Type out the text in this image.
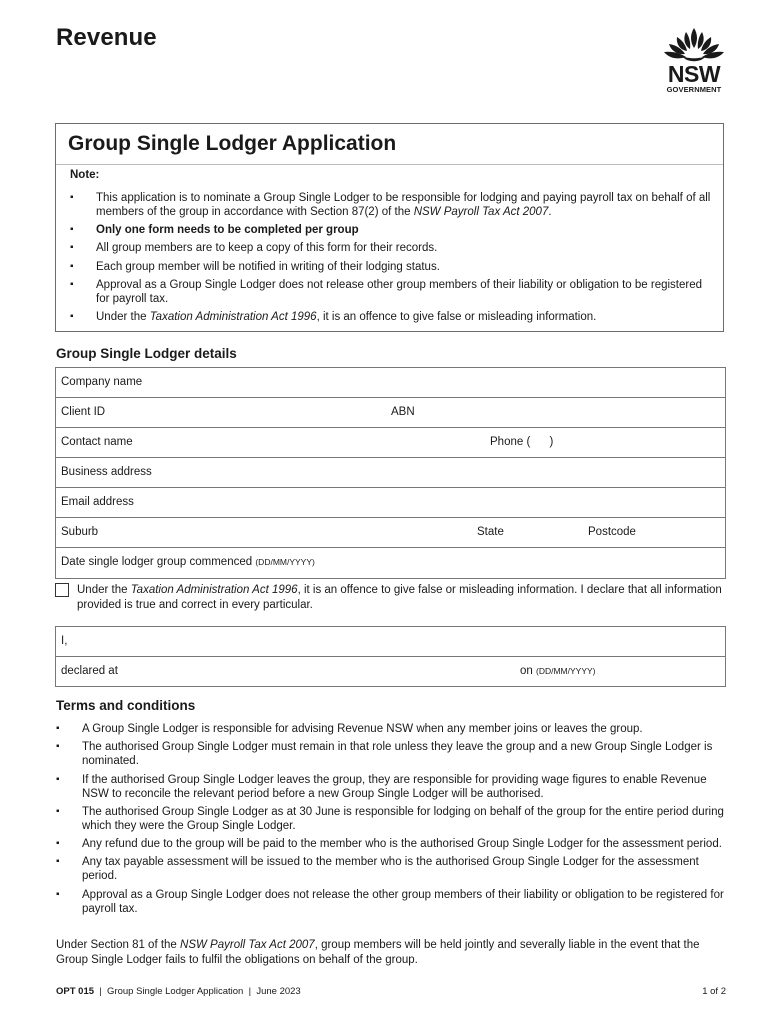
Revenue
NSW
GOVERNMENT
Group Single Lodger Application
Note:
▪ This application is to nominate a Group Single Lodger to be responsible for lodging and paying payroll tax on behalf of all members of the group in accordance with Section 87(2) of the NSW Payroll Tax Act 2007.
▪ Only one form needs to be completed per group
▪ All group members are to keep a copy of this form for their records.
▪ Each group member will be notified in writing of their lodging status.
▪ Approval as a Group Single Lodger does not release other group members of their liability or obligation to be registered for payroll tax.
▪ Under the Taxation Administration Act 1996, it is an offence to give false or misleading information.
Group Single Lodger details
Company name
Client ID	ABN
Contact name	Phone (      )
Business address
Email address
Suburb	State	Postcode
Date single lodger group commenced (DD/MM/YYYY)
Under the Taxation Administration Act 1996, it is an offence to give false or misleading information. I declare that all information provided is true and correct in every particular.
I,
declared at	on (DD/MM/YYYY)
Terms and conditions
▪ A Group Single Lodger is responsible for advising Revenue NSW when any member joins or leaves the group.
▪ The authorised Group Single Lodger must remain in that role unless they leave the group and a new Group Single Lodger is nominated.
▪ If the authorised Group Single Lodger leaves the group, they are responsible for providing wage figures to enable Revenue NSW to reconcile the relevant period before a new Group Single Lodger will be authorised.
▪ The authorised Group Single Lodger as at 30 June is responsible for lodging on behalf of the group for the entire period during which they were the Group Single Lodger.
▪ Any refund due to the group will be paid to the member who is the authorised Group Single Lodger for the assessment period.
▪ Any tax payable assessment will be issued to the member who is the authorised Group Single Lodger for the assessment period.
▪ Approval as a Group Single Lodger does not release the other group members of their liability or obligation to be registered for payroll tax.
Under Section 81 of the NSW Payroll Tax Act 2007, group members will be held jointly and severally liable in the event that the Group Single Lodger fails to fulfil the obligations on behalf of the group.
OPT 015  |  Group Single Lodger Application  |  June 2023	1 of 2
